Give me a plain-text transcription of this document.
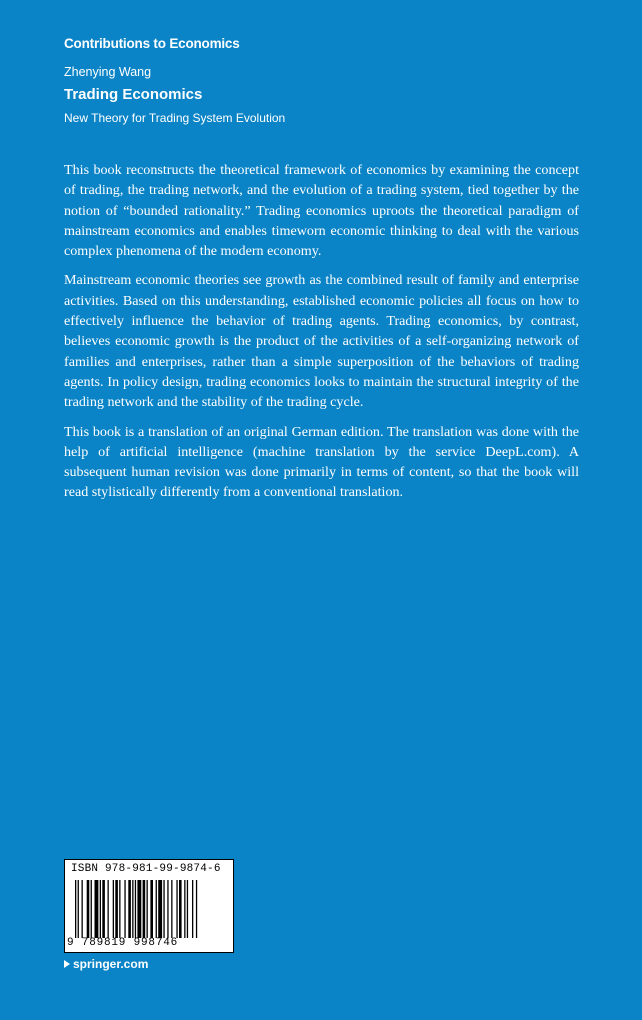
Contributions to Economics
Zhenying Wang
Trading Economics
New Theory for Trading System Evolution

This book reconstructs the theoretical framework of economics by examining the concept of trading, the trading network, and the evolution of a trading system, tied together by the notion of “bounded rationality.” Trading economics uproots the theoretical paradigm of mainstream economics and enables timeworn economic thinking to deal with the various complex phenomena of the modern economy.

Mainstream economic theories see growth as the combined result of family and enterprise activities. Based on this understanding, established economic policies all focus on how to effectively influence the behavior of trading agents. Trading economics, by contrast, believes economic growth is the product of the activities of a self-organizing network of families and enterprises, rather than a simple superposition of the behaviors of trading agents. In policy design, trading economics looks to maintain the structural integrity of the trading network and the stability of the trading cycle.

This book is a translation of an original German edition. The translation was done with the help of artificial intelligence (machine translation by the service DeepL.com). A subsequent human revision was done primarily in terms of content, so that the book will read stylistically differently from a conventional translation.

ISBN 978-981-99-9874-6
9 789819 998746
springer.com
